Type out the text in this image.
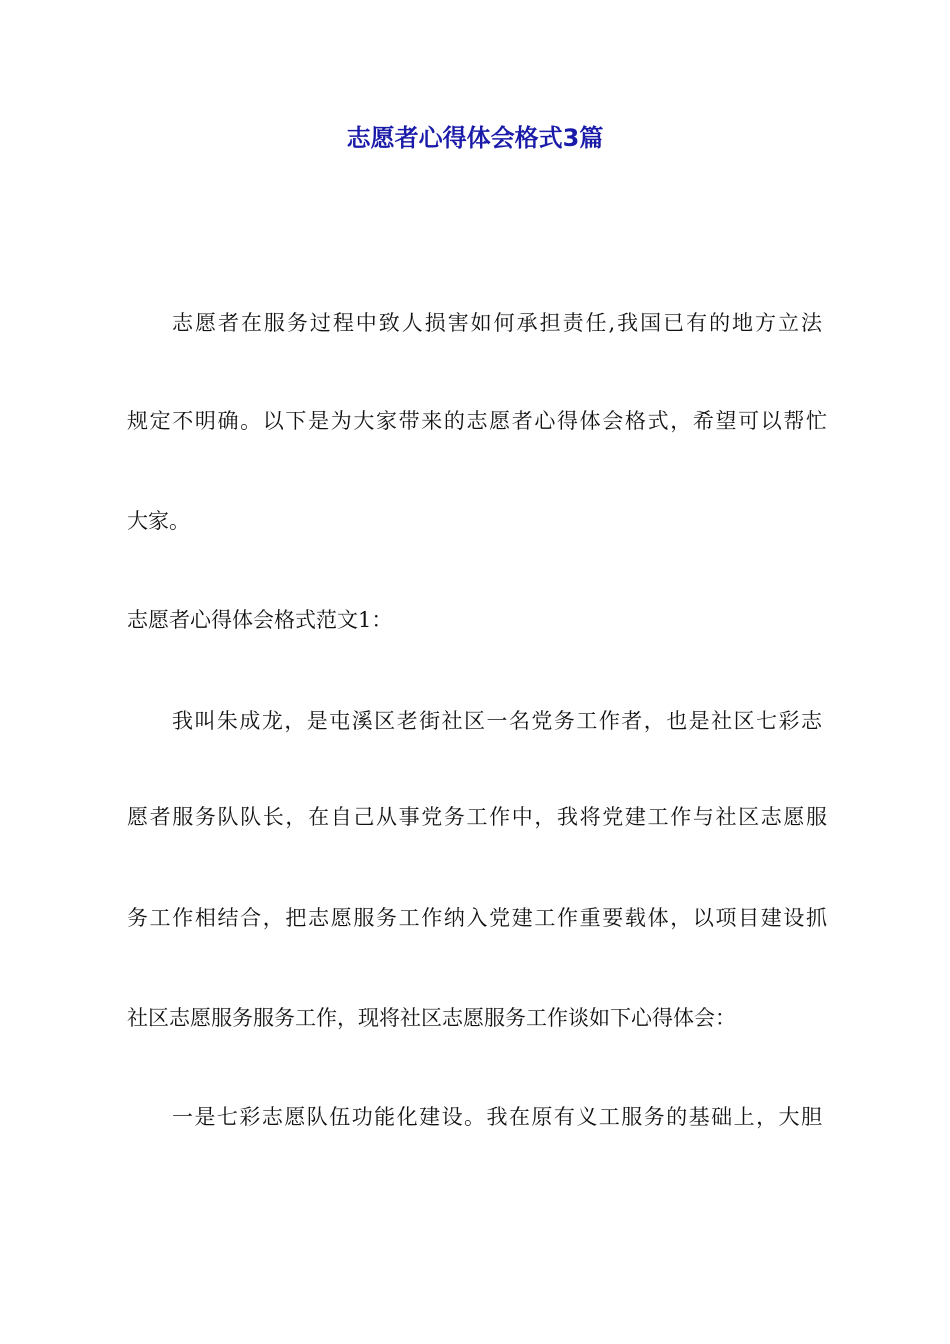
志愿者心得体会格式3篇

志愿者在服务过程中致人损害如何承担责任,我国已有的地方立法

规定不明确。以下是为大家带来的志愿者心得体会格式，希望可以帮忙

大家。

志愿者心得体会格式范文1：

我叫朱成龙，是屯溪区老街社区一名党务工作者，也是社区七彩志

愿者服务队队长，在自己从事党务工作中，我将党建工作与社区志愿服

务工作相结合，把志愿服务工作纳入党建工作重要载体，以项目建设抓

社区志愿服务服务工作，现将社区志愿服务工作谈如下心得体会：

一是七彩志愿队伍功能化建设。我在原有义工服务的基础上，大胆
